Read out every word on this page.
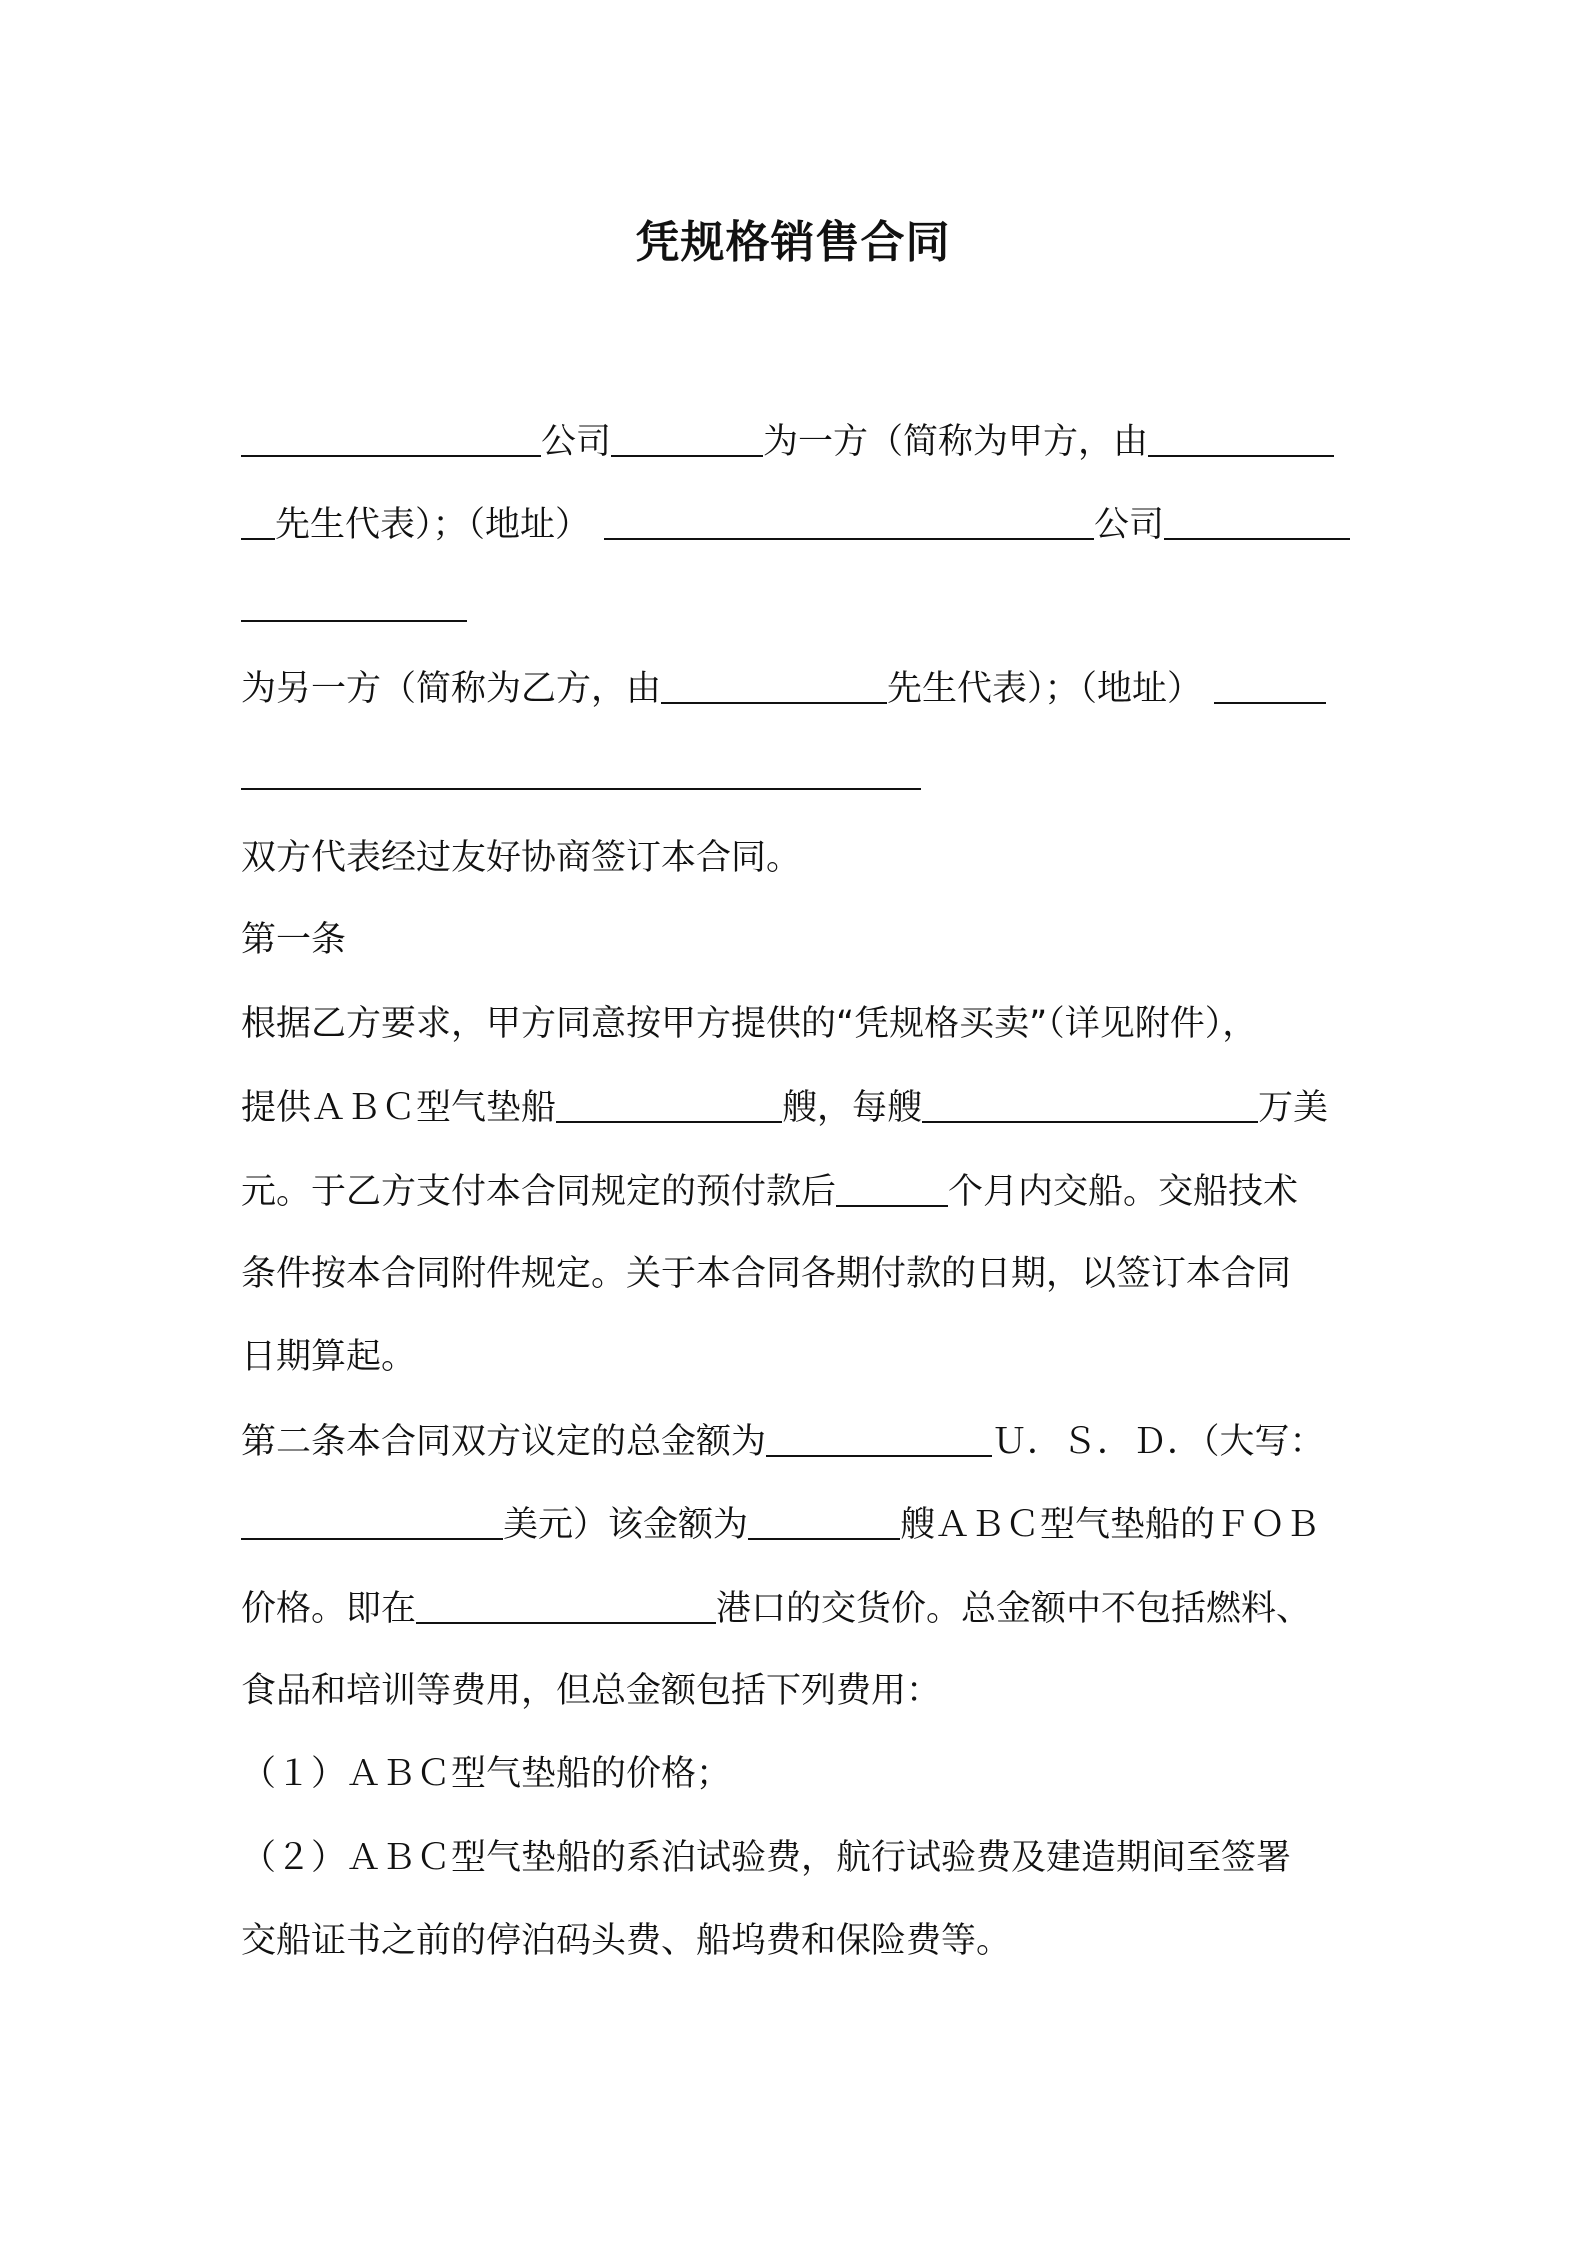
凭规格销售合同
公司	为一方（简称为甲方，由
先生代表）；（地址）	公司
为另一方（简称为乙方，由	先生代表）；（地址）
双方代表经过友好协商签订本合同。
第一条
根据乙方要求，甲方同意按甲方提供的“凭规格买卖”（详见附件），
提供ＡＢＣ型气垫船	艘，每艘	万美
元。于乙方支付本合同规定的预付款后	个月内交船。交船技术
条件按本合同附件规定。关于本合同各期付款的日期，以签订本合同
日期算起。
第二条本合同双方议定的总金额为	Ｕ．Ｓ．Ｄ．（大写：
美元）该金额为	艘ＡＢＣ型气垫船的ＦＯＢ
价格。即在	港口的交货价。总金额中不包括燃料、
食品和培训等费用，但总金额包括下列费用：
（１）ＡＢＣ型气垫船的价格；
（２）ＡＢＣ型气垫船的系泊试验费，航行试验费及建造期间至签署
交船证书之前的停泊码头费、船坞费和保险费等。
